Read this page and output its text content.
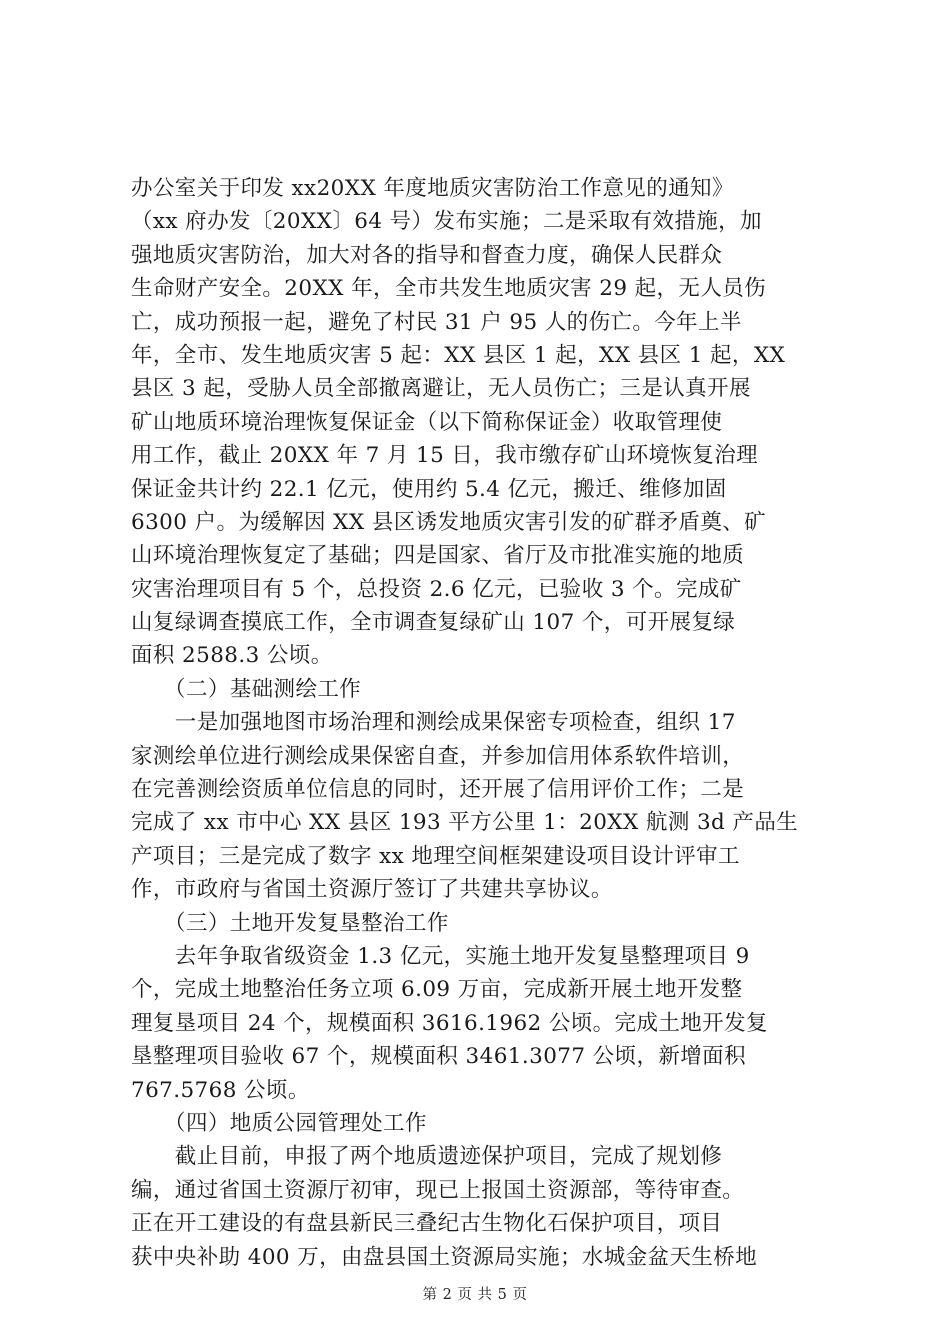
办公室关于印发 xx20XX 年度地质灾害防治工作意见的通知》
（xx 府办发〔20XX〕64 号）发布实施；二是采取有效措施，加
强地质灾害防治，加大对各的指导和督查力度，确保人民群众
生命财产安全。20XX 年，全市共发生地质灾害 29 起，无人员伤
亡，成功预报一起，避免了村民 31 户 95 人的伤亡。今年上半
年，全市、发生地质灾害 5 起：XX 县区 1 起，XX 县区 1 起，XX
县区 3 起，受胁人员全部撤离避让，无人员伤亡；三是认真开展
矿山地质环境治理恢复保证金（以下简称保证金）收取管理使
用工作，截止 20XX 年 7 月 15 日，我市缴存矿山环境恢复治理
保证金共计约 22.1 亿元，使用约 5.4 亿元，搬迁、维修加固
6300 户。为缓解因 XX 县区诱发地质灾害引发的矿群矛盾奠、矿
山环境治理恢复定了基础；四是国家、省厅及市批准实施的地质
灾害治理项目有 5 个，总投资 2.6 亿元，已验收 3 个。完成矿
山复绿调查摸底工作，全市调查复绿矿山 107 个，可开展复绿
面积 2588.3 公顷。
　　（二）基础测绘工作
　　一是加强地图市场治理和测绘成果保密专项检查，组织 17
家测绘单位进行测绘成果保密自查，并参加信用体系软件培训，
在完善测绘资质单位信息的同时，还开展了信用评价工作；二是
完成了 xx 市中心 XX 县区 193 平方公里 1：20XX 航测 3d 产品生
产项目；三是完成了数字 xx 地理空间框架建设项目设计评审工
作，市政府与省国土资源厅签订了共建共享协议。
　　（三）土地开发复垦整治工作
　　去年争取省级资金 1.3 亿元，实施土地开发复垦整理项目 9
个，完成土地整治任务立项 6.09 万亩，完成新开展土地开发整
理复垦项目 24 个，规模面积 3616.1962 公顷。完成土地开发复
垦整理项目验收 67 个，规模面积 3461.3077 公顷，新增面积
767.5768 公顷。
　　（四）地质公园管理处工作
　　截止目前，申报了两个地质遗迹保护项目，完成了规划修
编，通过省国土资源厅初审，现已上报国土资源部，等待审查。
正在开工建设的有盘县新民三叠纪古生物化石保护项目，项目
获中央补助 400 万，由盘县国土资源局实施；水城金盆天生桥地
第 2 页 共 5 页
